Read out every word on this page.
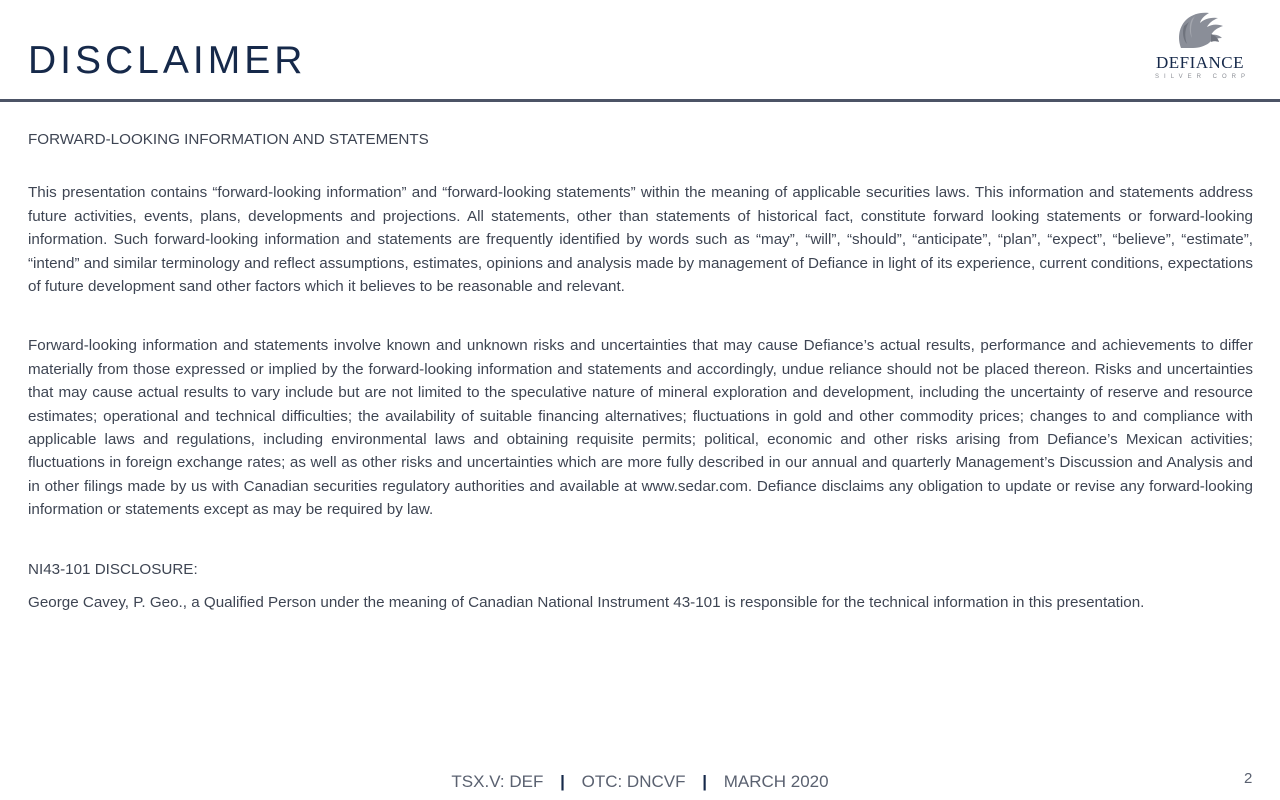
DISCLAIMER	DEFIANCE
SILVER CORP

FORWARD-LOOKING INFORMATION AND STATEMENTS

This presentation contains “forward-looking information” and “forward-looking statements” within the meaning of applicable securities laws. This information and statements address future activities, events, plans, developments and projections. All statements, other than statements of historical fact, constitute forward looking statements or forward-looking information. Such forward-looking information and statements are frequently identified by words such as “may”, “will”, “should”, “anticipate”, “plan”, “expect”, “believe”, “estimate”, “intend” and similar terminology and reflect assumptions, estimates, opinions and analysis made by management of Defiance in light of its experience, current conditions, expectations of future development sand other factors which it believes to be reasonable and relevant.

Forward-looking information and statements involve known and unknown risks and uncertainties that may cause Defiance’s actual results, performance and achievements to differ materially from those expressed or implied by the forward-looking information and statements and accordingly, undue reliance should not be placed thereon. Risks and uncertainties that may cause actual results to vary include but are not limited to the speculative nature of mineral exploration and development, including the uncertainty of reserve and resource estimates; operational and technical difficulties; the availability of suitable financing alternatives; fluctuations in gold and other commodity prices; changes to and compliance with applicable laws and regulations, including environmental laws and obtaining requisite permits; political, economic and other risks arising from Defiance’s Mexican activities; fluctuations in foreign exchange rates; as well as other risks and uncertainties which are more fully described in our annual and quarterly Management’s Discussion and Analysis and in other filings made by us with Canadian securities regulatory authorities and available at www.sedar.com. Defiance disclaims any obligation to update or revise any forward-looking information or statements except as may be required by law.

NI43-101 DISCLOSURE:

George Cavey, P. Geo., a Qualified Person under the meaning of Canadian National Instrument 43-101 is responsible for the technical information in this presentation.

TSX.V: DEF | OTC: DNCVF | MARCH 2020	2
